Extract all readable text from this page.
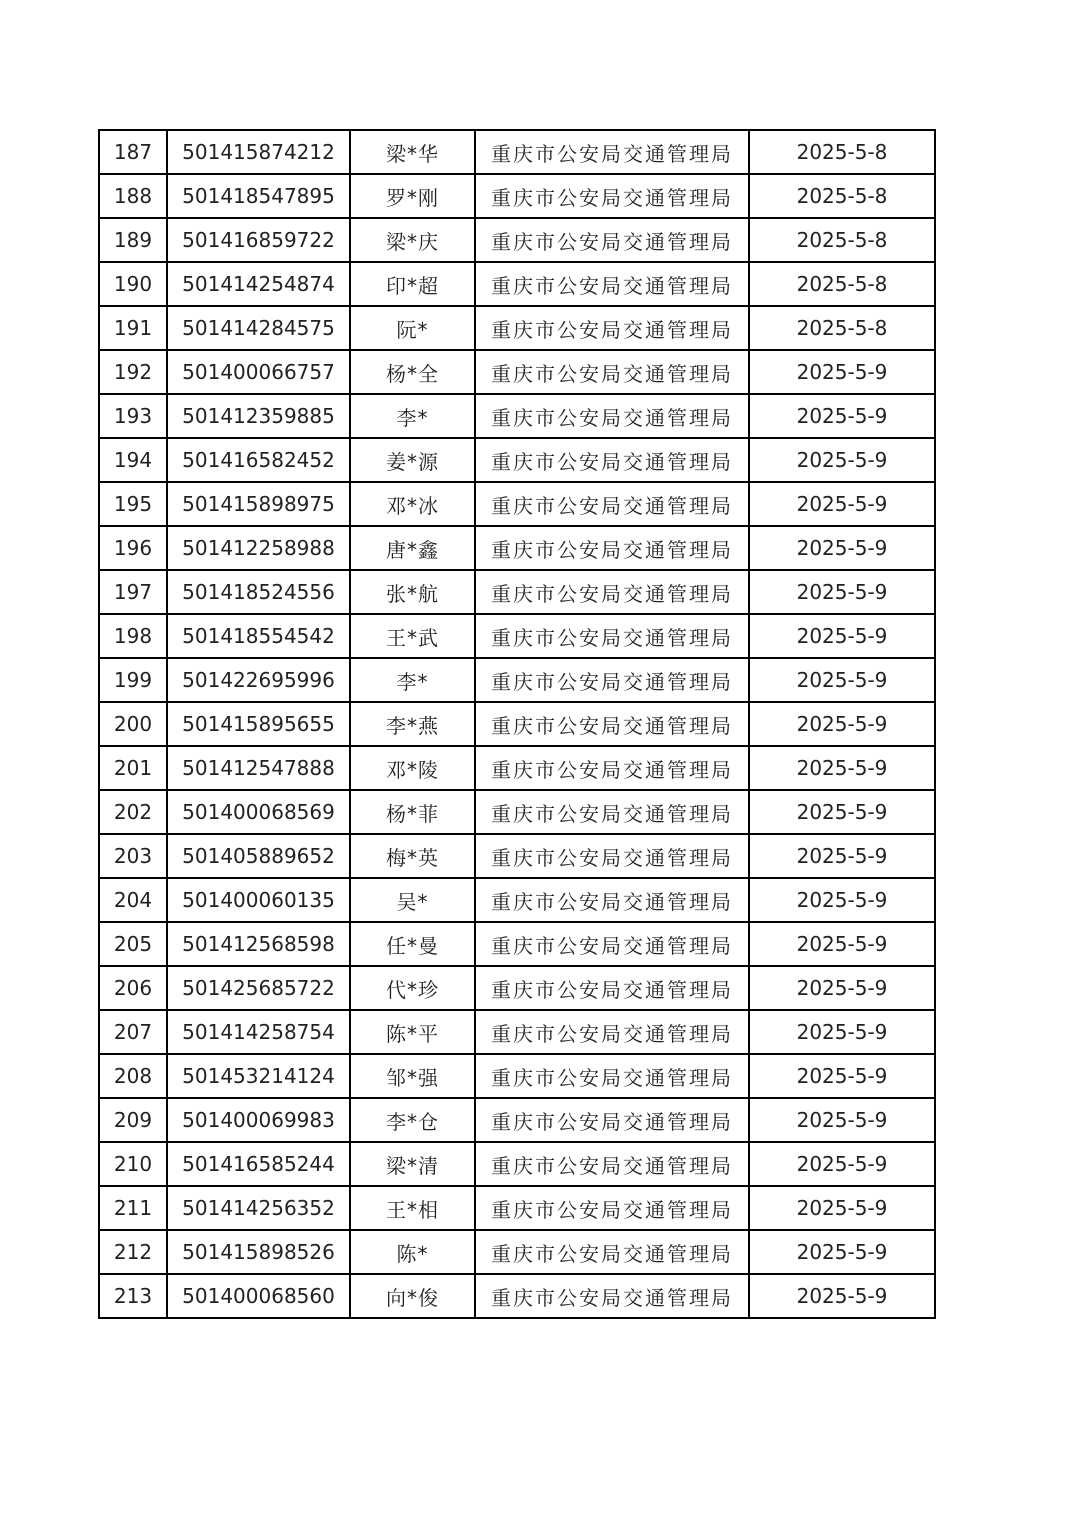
187	501415874212	梁*华	重庆市公安局交通管理局	2025-5-8
188	501418547895	罗*刚	重庆市公安局交通管理局	2025-5-8
189	501416859722	梁*庆	重庆市公安局交通管理局	2025-5-8
190	501414254874	印*超	重庆市公安局交通管理局	2025-5-8
191	501414284575	阮*	重庆市公安局交通管理局	2025-5-8
192	501400066757	杨*全	重庆市公安局交通管理局	2025-5-9
193	501412359885	李*	重庆市公安局交通管理局	2025-5-9
194	501416582452	姜*源	重庆市公安局交通管理局	2025-5-9
195	501415898975	邓*冰	重庆市公安局交通管理局	2025-5-9
196	501412258988	唐*鑫	重庆市公安局交通管理局	2025-5-9
197	501418524556	张*航	重庆市公安局交通管理局	2025-5-9
198	501418554542	王*武	重庆市公安局交通管理局	2025-5-9
199	501422695996	李*	重庆市公安局交通管理局	2025-5-9
200	501415895655	李*燕	重庆市公安局交通管理局	2025-5-9
201	501412547888	邓*陵	重庆市公安局交通管理局	2025-5-9
202	501400068569	杨*菲	重庆市公安局交通管理局	2025-5-9
203	501405889652	梅*英	重庆市公安局交通管理局	2025-5-9
204	501400060135	吴*	重庆市公安局交通管理局	2025-5-9
205	501412568598	任*曼	重庆市公安局交通管理局	2025-5-9
206	501425685722	代*珍	重庆市公安局交通管理局	2025-5-9
207	501414258754	陈*平	重庆市公安局交通管理局	2025-5-9
208	501453214124	邹*强	重庆市公安局交通管理局	2025-5-9
209	501400069983	李*仓	重庆市公安局交通管理局	2025-5-9
210	501416585244	梁*清	重庆市公安局交通管理局	2025-5-9
211	501414256352	王*相	重庆市公安局交通管理局	2025-5-9
212	501415898526	陈*	重庆市公安局交通管理局	2025-5-9
213	501400068560	向*俊	重庆市公安局交通管理局	2025-5-9
